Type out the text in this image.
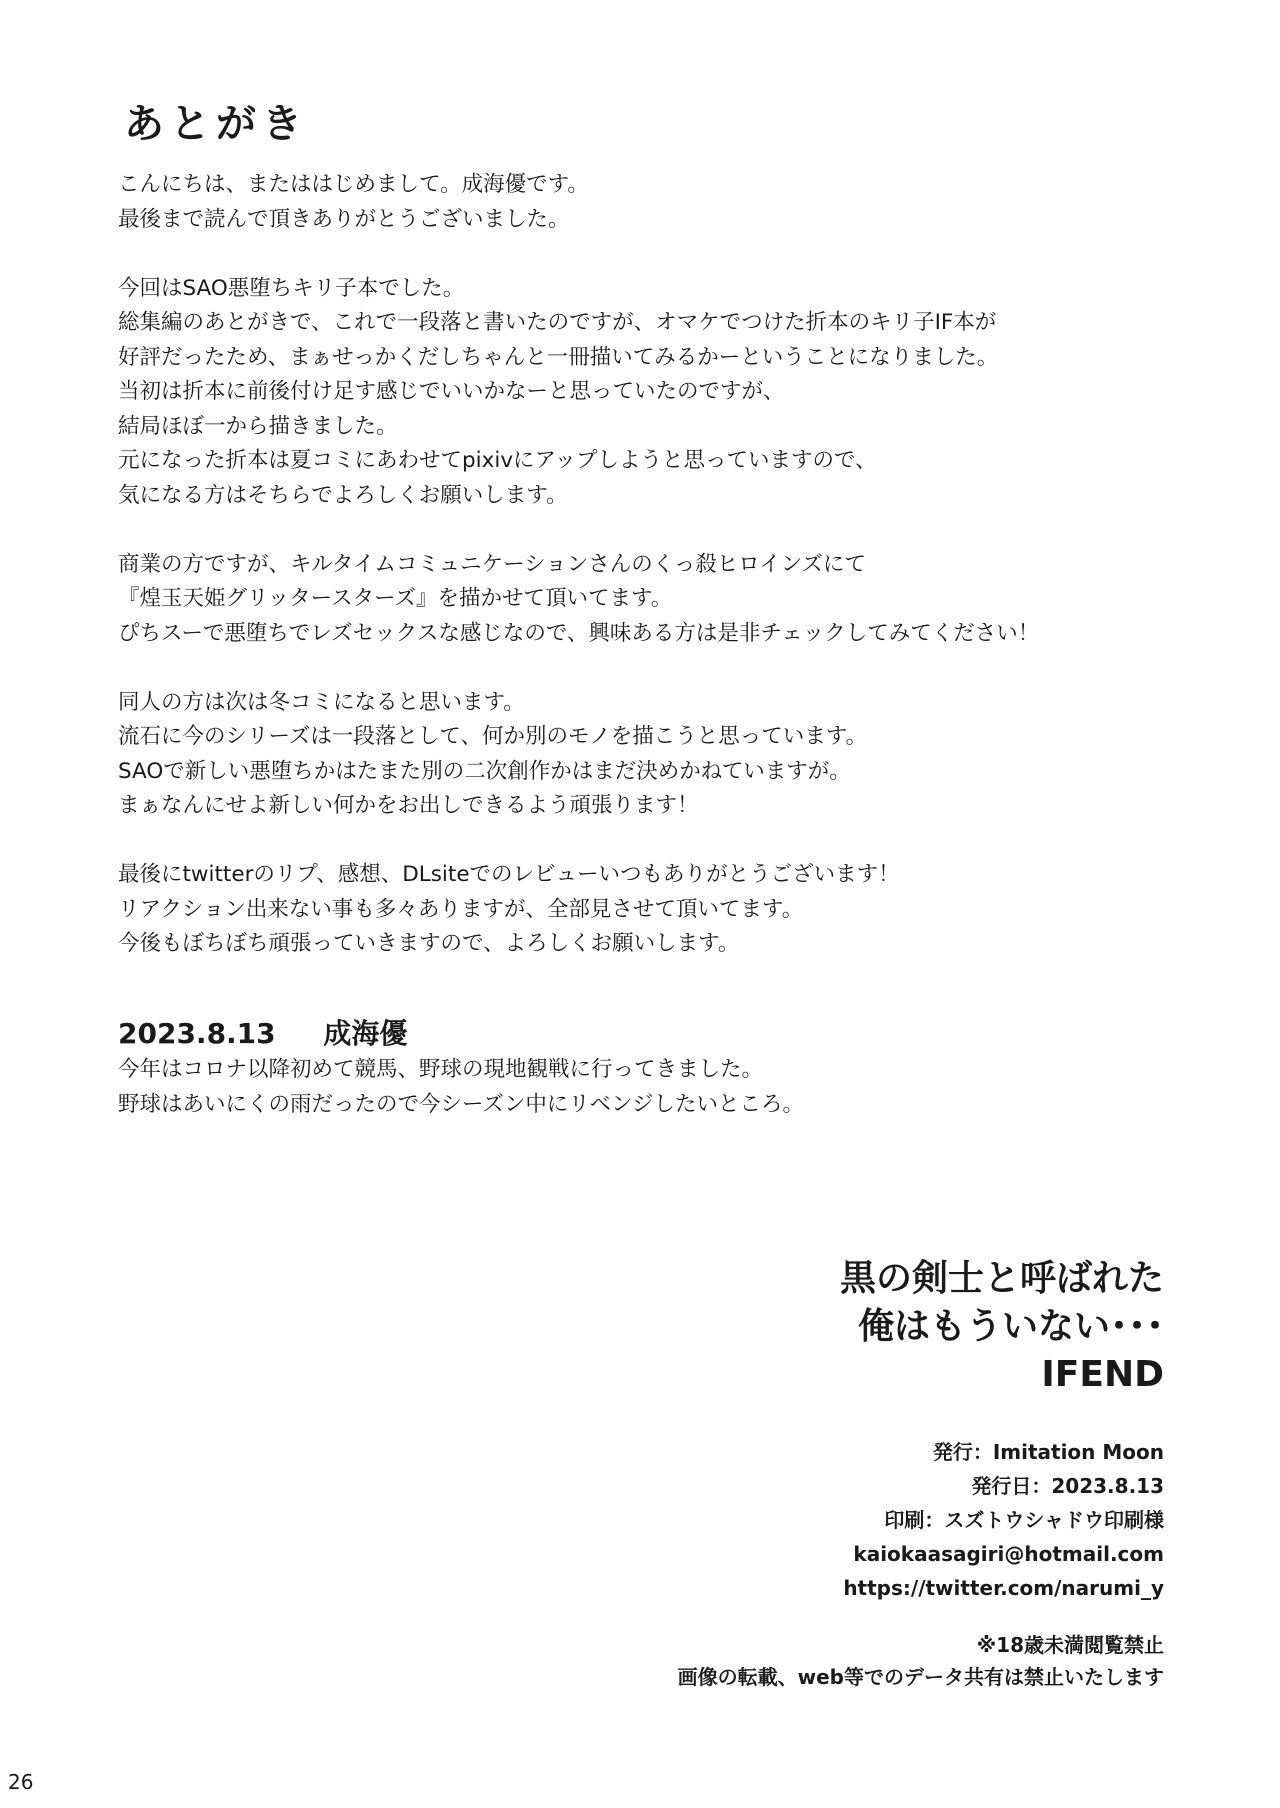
あとがき

こんにちは、またははじめまして。成海優です。
最後まで読んで頂きありがとうございました。

今回はSAO悪堕ちキリ子本でした。
総集編のあとがきで、これで一段落と書いたのですが、オマケでつけた折本のキリ子IF本が
好評だったため、まぁせっかくだしちゃんと一冊描いてみるかーということになりました。
当初は折本に前後付け足す感じでいいかなーと思っていたのですが、
結局ほぼ一から描きました。
元になった折本は夏コミにあわせてpixivにアップしようと思っていますので、
気になる方はそちらでよろしくお願いします。

商業の方ですが、キルタイムコミュニケーションさんのくっ殺ヒロインズにて
『煌玉天姫グリッタースターズ』を描かせて頂いてます。
ぴちスーで悪堕ちでレズセックスな感じなので、興味ある方は是非チェックしてみてください！

同人の方は次は冬コミになると思います。
流石に今のシリーズは一段落として、何か別のモノを描こうと思っています。
SAOで新しい悪堕ちかはたまた別の二次創作かはまだ決めかねていますが。
まぁなんにせよ新しい何かをお出しできるよう頑張ります！

最後にtwitterのリプ、感想、DLsiteでのレビューいつもありがとうございます！
リアクション出来ない事も多々ありますが、全部見させて頂いてます。
今後もぼちぼち頑張っていきますので、よろしくお願いします。

2023.8.13 成海優
今年はコロナ以降初めて競馬、野球の現地観戦に行ってきました。
野球はあいにくの雨だったので今シーズン中にリベンジしたいところ。
黒の剣士と呼ばれた
俺はもういない･･･
IFEND
発行：Imitation Moon
発行日：2023.8.13
印刷：スズトウシャドウ印刷様
kaiokaasagiri@hotmail.com
https://twitter.com/narumi_y
※18歳未満閲覧禁止
画像の転載、web等でのデータ共有は禁止いたします
26
